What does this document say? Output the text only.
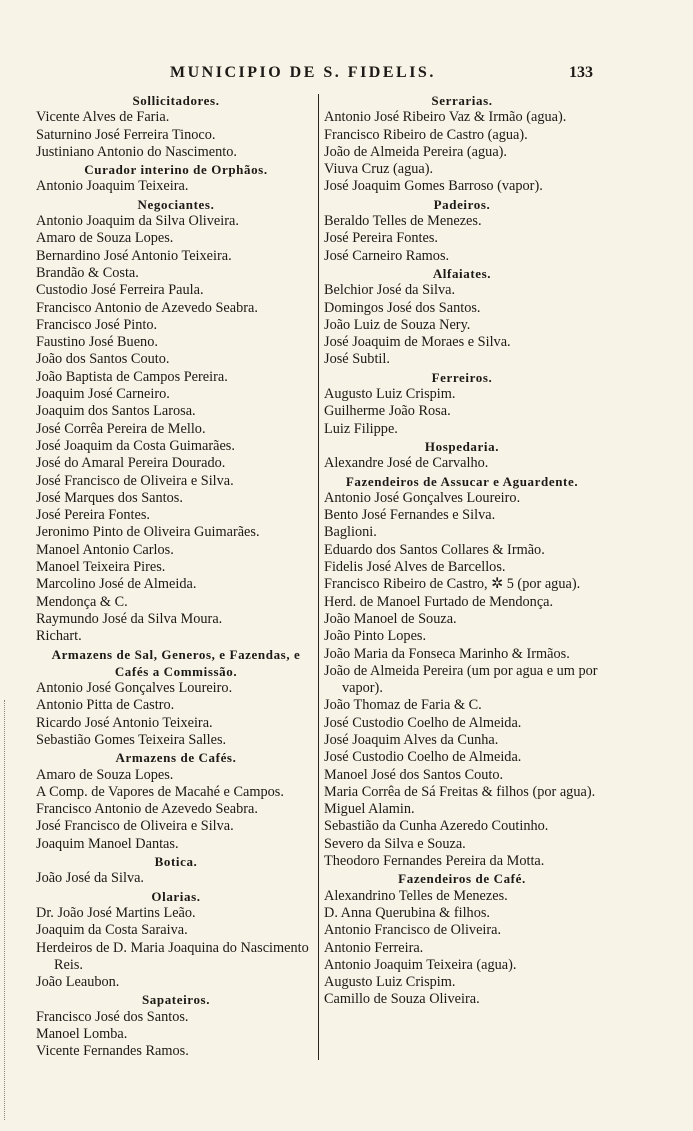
MUNICIPIO DE S. FIDELIS.	133
Sollicitadores.
Vicente Alves de Faria.
Saturnino José Ferreira Tinoco.
Justiniano Antonio do Nascimento.
Curador interino de Orphãos.
Antonio Joaquim Teixeira.
Negociantes.
Antonio Joaquim da Silva Oliveira.
Amaro de Souza Lopes.
Bernardino José Antonio Teixeira.
Brandão & Costa.
Custodio José Ferreira Paula.
Francisco Antonio de Azevedo Seabra.
Francisco José Pinto.
Faustino José Bueno.
João dos Santos Couto.
João Baptista de Campos Pereira.
Joaquim José Carneiro.
Joaquim dos Santos Larosa.
José Corrêa Pereira de Mello.
José Joaquim da Costa Guimarães.
José do Amaral Pereira Dourado.
José Francisco de Oliveira e Silva.
José Marques dos Santos.
José Pereira Fontes.
Jeronimo Pinto de Oliveira Guimarães.
Manoel Antonio Carlos.
Manoel Teixeira Pires.
Marcolino José de Almeida.
Mendonça & C.
Raymundo José da Silva Moura.
Richart.
Armazens de Sal, Generos, e Fazendas, e Cafés a Commissão.
Antonio José Gonçalves Loureiro.
Antonio Pitta de Castro.
Ricardo José Antonio Teixeira.
Sebastião Gomes Teixeira Salles.
Armazens de Cafés.
Amaro de Souza Lopes.
A Comp. de Vapores de Macahé e Campos.
Francisco Antonio de Azevedo Seabra.
José Francisco de Oliveira e Silva.
Joaquim Manoel Dantas.
Botica.
João José da Silva.
Olarias.
Dr. João José Martins Leão.
Joaquim da Costa Saraiva.
Herdeiros de D. Maria Joaquina do Nascimento Reis.
João Leaubon.
Sapateiros.
Francisco José dos Santos.
Manoel Lomba.
Vicente Fernandes Ramos.
Serrarias.
Antonio José Ribeiro Vaz & Irmão (agua).
Francisco Ribeiro de Castro (agua).
João de Almeida Pereira (agua).
Viuva Cruz (agua).
José Joaquim Gomes Barroso (vapor).
Padeiros.
Beraldo Telles de Menezes.
José Pereira Fontes.
José Carneiro Ramos.
Alfaiates.
Belchior José da Silva.
Domingos José dos Santos.
João Luiz de Souza Nery.
José Joaquim de Moraes e Silva.
José Subtil.
Ferreiros.
Augusto Luiz Crispim.
Guilherme João Rosa.
Luiz Filippe.
Hospedaria.
Alexandre José de Carvalho.
Fazendeiros de Assucar e Aguardente.
Antonio José Gonçalves Loureiro.
Bento José Fernandes e Silva.
Baglioni.
Eduardo dos Santos Collares & Irmão.
Fidelis José Alves de Barcellos.
Francisco Ribeiro de Castro, ✲ 5 (por agua).
Herd. de Manoel Furtado de Mendonça.
João Manoel de Souza.
João Pinto Lopes.
João Maria da Fonseca Marinho & Irmãos.
João de Almeida Pereira (um por agua e um por vapor).
João Thomaz de Faria & C.
José Custodio Coelho de Almeida.
José Joaquim Alves da Cunha.
José Custodio Coelho de Almeida.
Manoel José dos Santos Couto.
Maria Corrêa de Sá Freitas & filhos (por agua).
Miguel Alamin.
Sebastião da Cunha Azeredo Coutinho.
Severo da Silva e Souza.
Theodoro Fernandes Pereira da Motta.
Fazendeiros de Café.
Alexandrino Telles de Menezes.
D. Anna Querubina & filhos.
Antonio Francisco de Oliveira.
Antonio Ferreira.
Antonio Joaquim Teixeira (agua).
Augusto Luiz Crispim.
Camillo de Souza Oliveira.
